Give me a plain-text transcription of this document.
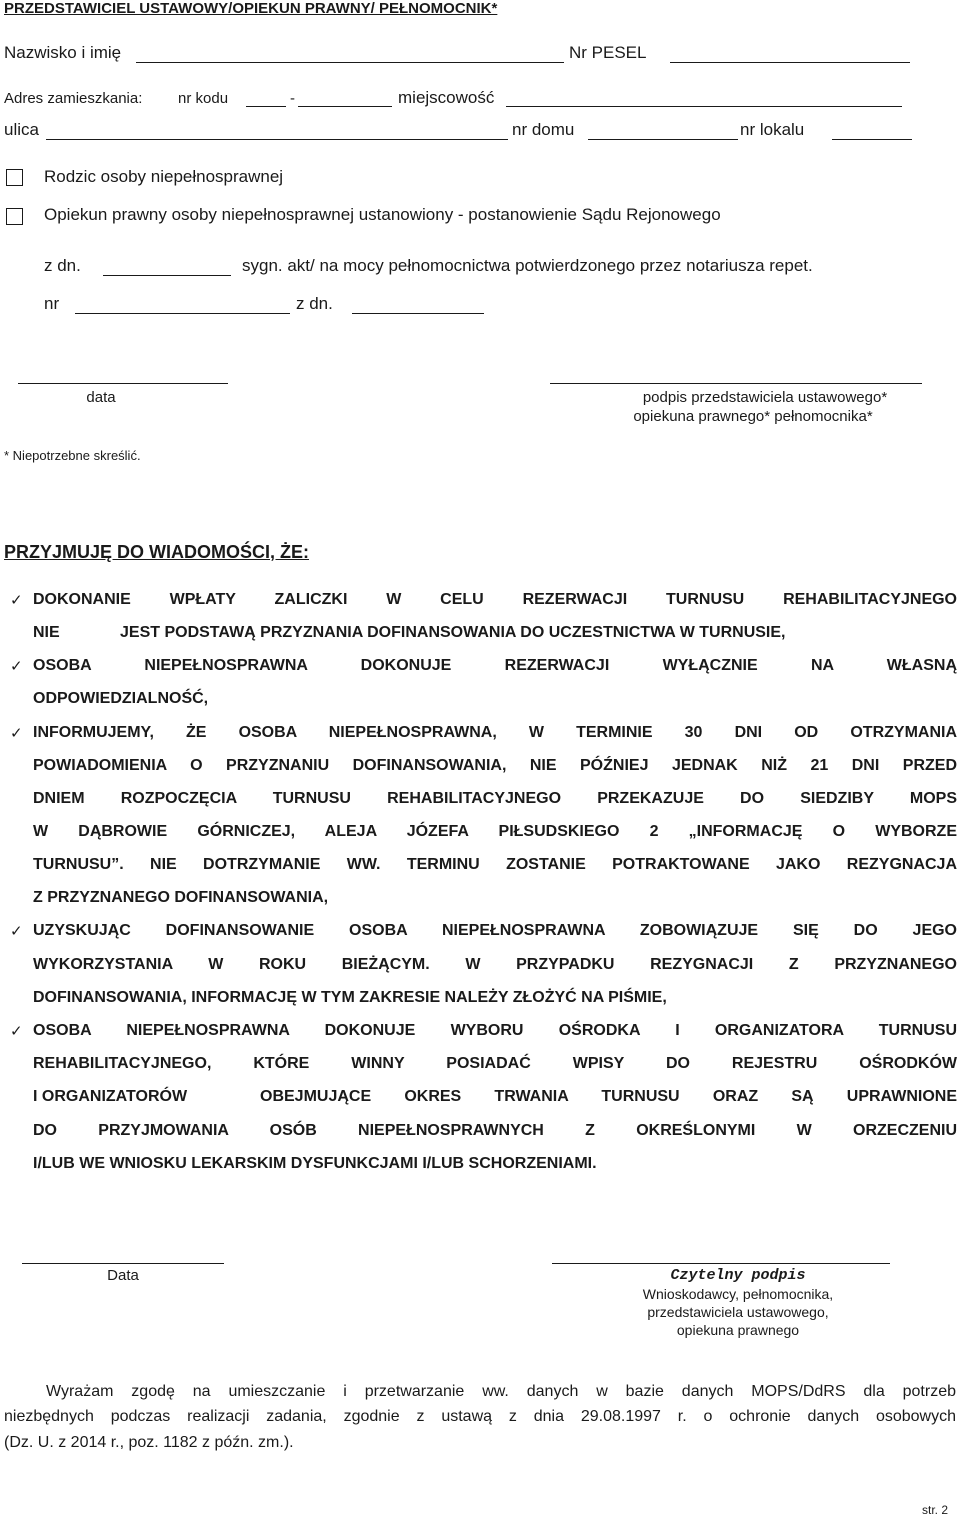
PRZEDSTAWICIEL USTAWOWY/OPIEKUN PRAWNY/ PEŁNOMOCNIK*
Nazwisko i imię	Nr PESEL
Adres zamieszkania: nr kodu	-	miejscowość
ulica	nr domu	nr lokalu
Rodzic osoby niepełnosprawnej
Opiekun prawny osoby niepełnosprawnej ustanowiony - postanowienie Sądu Rejonowego
z dn.	sygn. akt/ na mocy pełnomocnictwa potwierdzonego przez notariusza repet.
nr	z dn.
data	podpis przedstawiciela ustawowego*
opiekuna prawnego* pełnomocnika*
* Niepotrzebne skreślić.
PRZYJMUJĘ DO WIADOMOŚCI, ŻE:
✓ DOKONANIE WPŁATY ZALICZKI W CELU REZERWACJI TURNUSU REHABILITACYJNEGO
NIE	JEST PODSTAWĄ PRZYZNANIA DOFINANSOWANIA DO UCZESTNICTWA W TURNUSIE,
✓ OSOBA NIEPEŁNOSPRAWNA DOKONUJE REZERWACJI WYŁĄCZNIE NA WŁASNĄ
ODPOWIEDZIALNOŚĆ,
✓ INFORMUJEMY, ŻE OSOBA NIEPEŁNOSPRAWNA, W TERMINIE 30 DNI OD OTRZYMANIA
POWIADOMIENIA O PRZYZNANIU DOFINANSOWANIA, NIE PÓŹNIEJ JEDNAK NIŻ 21 DNI PRZED
DNIEM ROZPOCZĘCIA TURNUSU REHABILITACYJNEGO PRZEKAZUJE DO SIEDZIBY MOPS
W DĄBROWIE GÓRNICZEJ, ALEJA JÓZEFA PIŁSUDSKIEGO 2 „INFORMACJĘ O WYBORZE
TURNUSU”. NIE DOTRZYMANIE WW. TERMINU ZOSTANIE POTRAKTOWANE JAKO REZYGNACJA
Z PRZYZNANEGO DOFINANSOWANIA,
✓ UZYSKUJĄC DOFINANSOWANIE OSOBA NIEPEŁNOSPRAWNA ZOBOWIĄZUJE SIĘ DO JEGO
WYKORZYSTANIA W ROKU BIEŻĄCYM. W PRZYPADKU REZYGNACJI Z PRZYZNANEGO
DOFINANSOWANIA, INFORMACJĘ W TYM ZAKRESIE NALEŻY ZŁOŻYĆ NA PIŚMIE,
✓ OSOBA NIEPEŁNOSPRAWNA DOKONUJE WYBORU OŚRODKA I ORGANIZATORA TURNUSU
REHABILITACYJNEGO, KTÓRE WINNY POSIADAĆ WPISY DO REJESTRU OŚRODKÓW
I ORGANIZATORÓW	OBEJMUJĄCE OKRES TRWANIA TURNUSU ORAZ SĄ UPRAWNIONE
DO PRZYJMOWANIA OSÓB NIEPEŁNOSPRAWNYCH Z OKREŚLONYMI W ORZECZENIU
I/LUB WE WNIOSKU LEKARSKIM DYSFUNKCJAMI I/LUB SCHORZENIAMI.
Data	Czytelny podpis
Wnioskodawcy, pełnomocnika,
przedstawiciela ustawowego,
opiekuna prawnego
Wyrażam zgodę na umieszczanie i przetwarzanie ww. danych w bazie danych MOPS/DdRS dla potrzeb
niezbędnych podczas realizacji zadania, zgodnie z ustawą z dnia 29.08.1997 r. o ochronie danych osobowych
(Dz. U. z 2014 r., poz. 1182 z późn. zm.).
str. 2
